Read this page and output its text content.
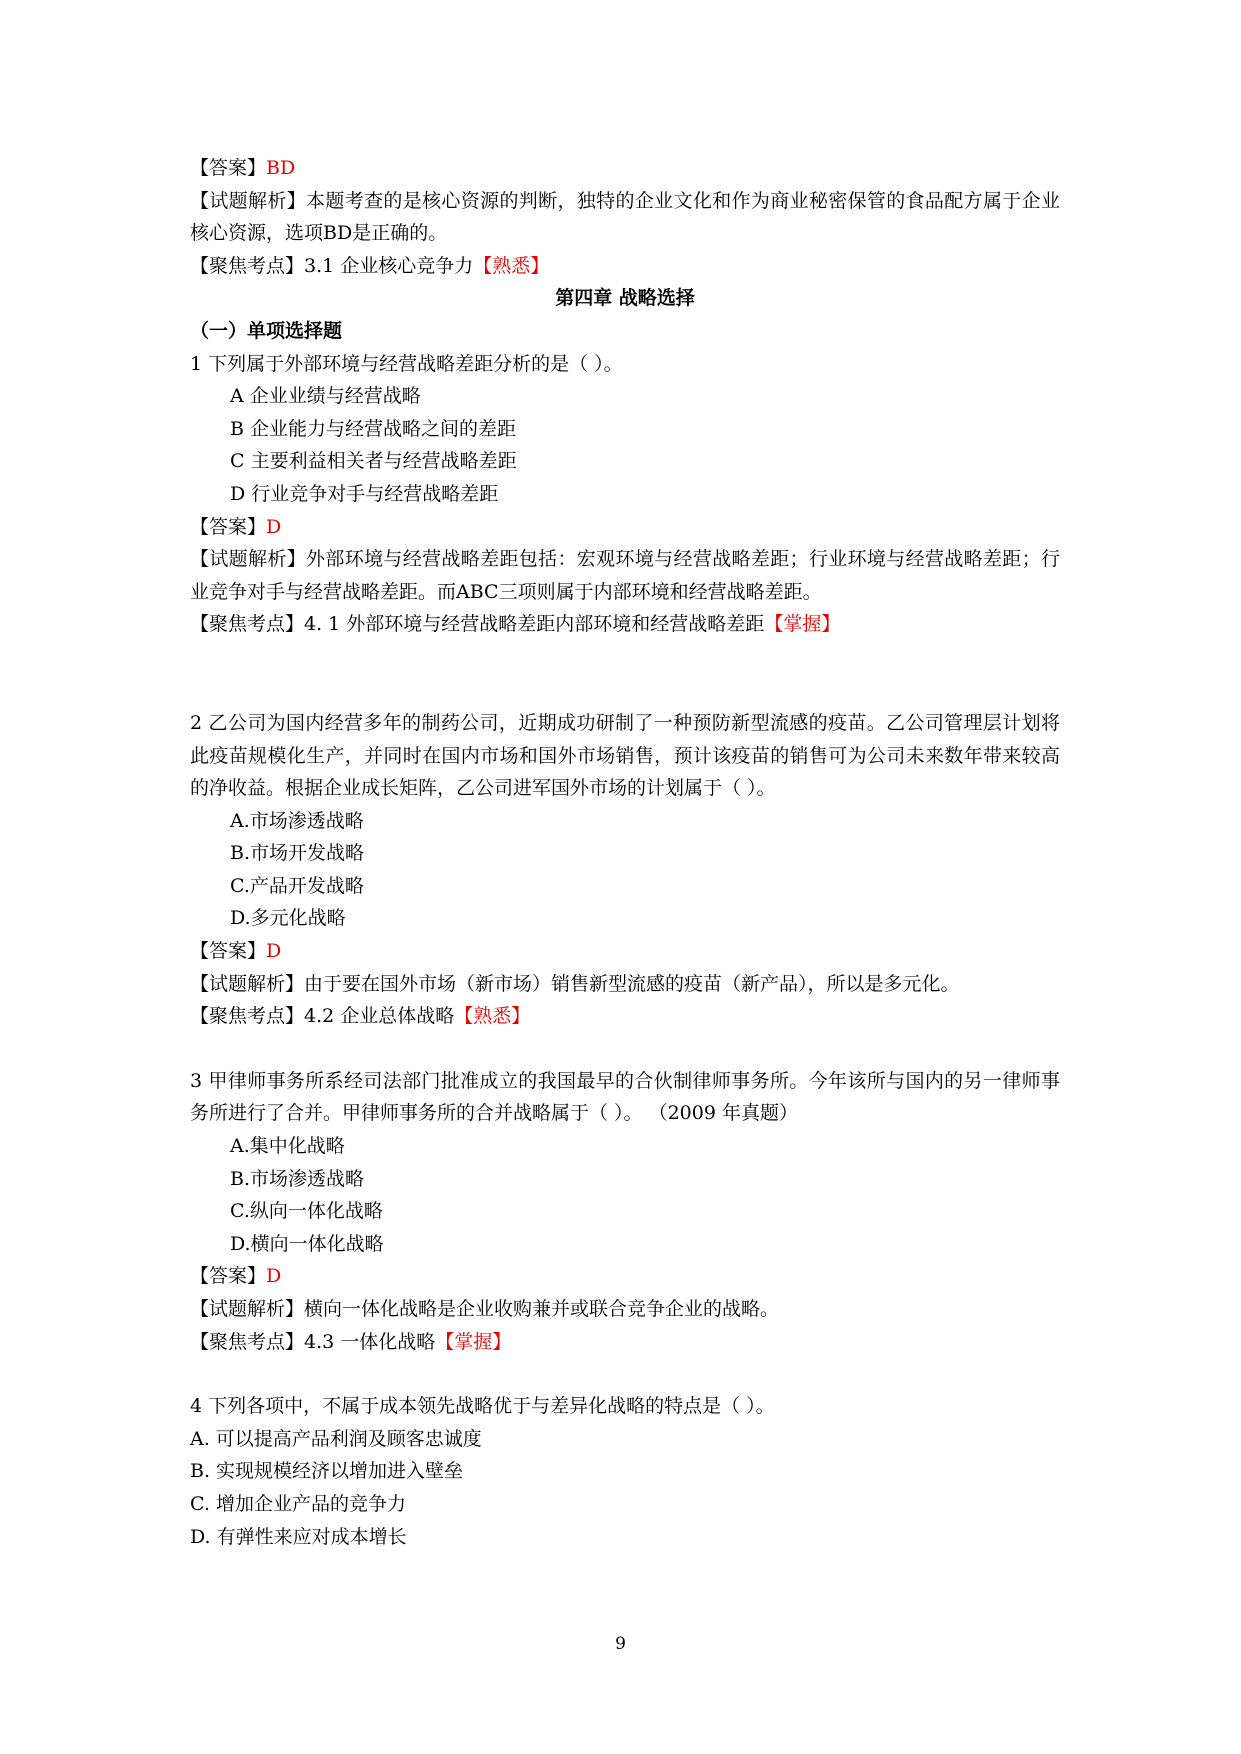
【答案】BD
【试题解析】本题考查的是核心资源的判断，独特的企业文化和作为商业秘密保管的食品配方属于企业核心资源，选项BD是正确的。
【聚焦考点】3.1 企业核心竞争力【熟悉】
第四章 战略选择
（一）单项选择题
1 下列属于外部环境与经营战略差距分析的是（ ）。
A 企业业绩与经营战略
B 企业能力与经营战略之间的差距
C 主要利益相关者与经营战略差距
D 行业竞争对手与经营战略差距
【答案】D
【试题解析】外部环境与经营战略差距包括：宏观环境与经营战略差距；行业环境与经营战略差距；行业竞争对手与经营战略差距。而ABC三项则属于内部环境和经营战略差距。
【聚焦考点】4. 1 外部环境与经营战略差距内部环境和经营战略差距【掌握】
2 乙公司为国内经营多年的制药公司，近期成功研制了一种预防新型流感的疫苗。乙公司管理层计划将此疫苗规模化生产，并同时在国内市场和国外市场销售，预计该疫苗的销售可为公司未来数年带来较高的净收益。根据企业成长矩阵，乙公司进军国外市场的计划属于（ ）。
A.市场渗透战略
B.市场开发战略
C.产品开发战略
D.多元化战略
【答案】D
【试题解析】由于要在国外市场（新市场）销售新型流感的疫苗（新产品），所以是多元化。
【聚焦考点】4.2 企业总体战略【熟悉】
3 甲律师事务所系经司法部门批准成立的我国最早的合伙制律师事务所。今年该所与国内的另一律师事务所进行了合并。甲律师事务所的合并战略属于（ ）。 （2009 年真题）
A.集中化战略
B.市场渗透战略
C.纵向一体化战略
D.横向一体化战略
【答案】D
【试题解析】横向一体化战略是企业收购兼并或联合竞争企业的战略。
【聚焦考点】4.3 一体化战略【掌握】
4 下列各项中，不属于成本领先战略优于与差异化战略的特点是（ ）。
A. 可以提高产品利润及顾客忠诚度
B. 实现规模经济以增加进入壁垒
C. 增加企业产品的竞争力
D. 有弹性来应对成本增长
9
